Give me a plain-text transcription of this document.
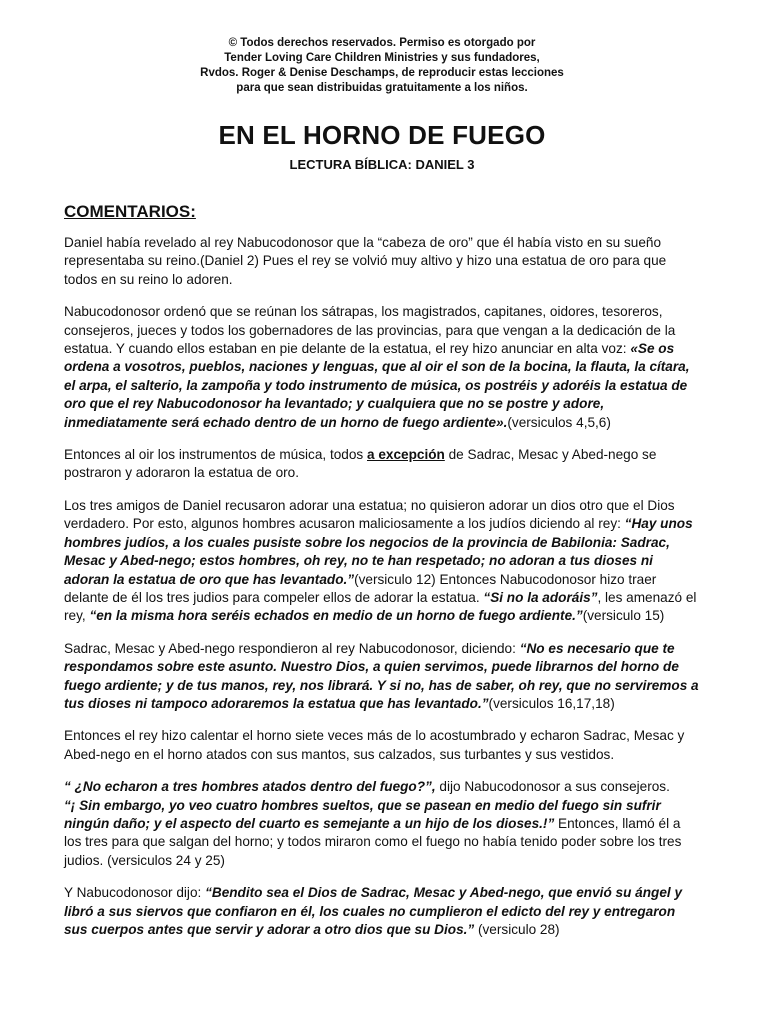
© Todos derechos reservados. Permiso es otorgado por
Tender Loving Care Children Ministries y sus fundadores,
Rvdos. Roger & Denise Deschamps, de reproducir estas lecciones
para que sean distribuidas gratuitamente a los niños.
EN EL HORNO DE FUEGO
LECTURA BÍBLICA: DANIEL 3
COMENTARIOS:

Daniel había revelado al rey Nabucodonosor que la “cabeza de oro” que él había visto en su sueño representaba su reino.(Daniel 2) Pues el rey se volvió muy altivo y hizo una estatua de oro para que todos en su reino lo adoren.

Nabucodonosor ordenó que se reúnan los sátrapas, los magistrados, capitanes, oidores, tesoreros, consejeros, jueces y todos los gobernadores de las provincias, para que vengan a la dedicación de la estatua. Y cuando ellos estaban en pie delante de la estatua, el rey hizo anunciar en alta voz: «Se os ordena a vosotros, pueblos, naciones y lenguas, que al oir el son de la bocina, la flauta, la cítara, el arpa, el salterio, la zampoña y todo instrumento de música, os postréis y adoréis la estatua de oro que el rey Nabucodonosor ha levantado; y cualquiera que no se postre y adore, inmediatamente será echado dentro de un horno de fuego ardiente».(versiculos 4,5,6)

Entonces al oir los instrumentos de música, todos a excepción de Sadrac, Mesac y Abed-nego se postraron y adoraron la estatua de oro.

Los tres amigos de Daniel recusaron adorar una estatua; no quisieron adorar un dios otro que el Dios verdadero. Por esto, algunos hombres acusaron maliciosamente a los judíos diciendo al rey: “Hay unos hombres judíos, a los cuales pusiste sobre los negocios de la provincia de Babilonia: Sadrac, Mesac y Abed-nego; estos hombres, oh rey, no te han respetado; no adoran a tus dioses ni adoran la estatua de oro que has levantado.”(versiculo 12) Entonces Nabucodonosor hizo traer delante de él los tres judios para compeler ellos de adorar la estatua. “Si no la adoráis”, les amenazó el rey, “en la misma hora seréis echados en medio de un horno de fuego ardiente.”(versiculo 15)

Sadrac, Mesac y Abed-nego respondieron al rey Nabucodonosor, diciendo: “No es necesario que te respondamos sobre este asunto. Nuestro Dios, a quien servimos, puede librarnos del horno de fuego ardiente; y de tus manos, rey, nos librará. Y si no, has de saber, oh rey, que no serviremos a tus dioses ni tampoco adoraremos la estatua que has levantado.”(versiculos 16,17,18)

Entonces el rey hizo calentar el horno siete veces más de lo acostumbrado y echaron Sadrac, Mesac y Abed-nego en el horno atados con sus mantos, sus calzados, sus turbantes y sus vestidos.

“ ¿No echaron a tres hombres atados dentro del fuego?”, dijo Nabucodonosor a sus consejeros.
“¡ Sin embargo, yo veo cuatro hombres sueltos, que se pasean en medio del fuego sin sufrir ningún daño; y el aspecto del cuarto es semejante a un hijo de los dioses.!” Entonces, llamó él a los tres para que salgan del horno; y todos miraron como el fuego no había tenido poder sobre los tres judios. (versiculos 24 y 25)

Y Nabucodonosor dijo: “Bendito sea el Dios de Sadrac, Mesac y Abed-nego, que envió su ángel y libró a sus siervos que confiaron en él, los cuales no cumplieron el edicto del rey y entregaron sus cuerpos antes que servir y adorar a otro dios que su Dios.” (versiculo 28)
